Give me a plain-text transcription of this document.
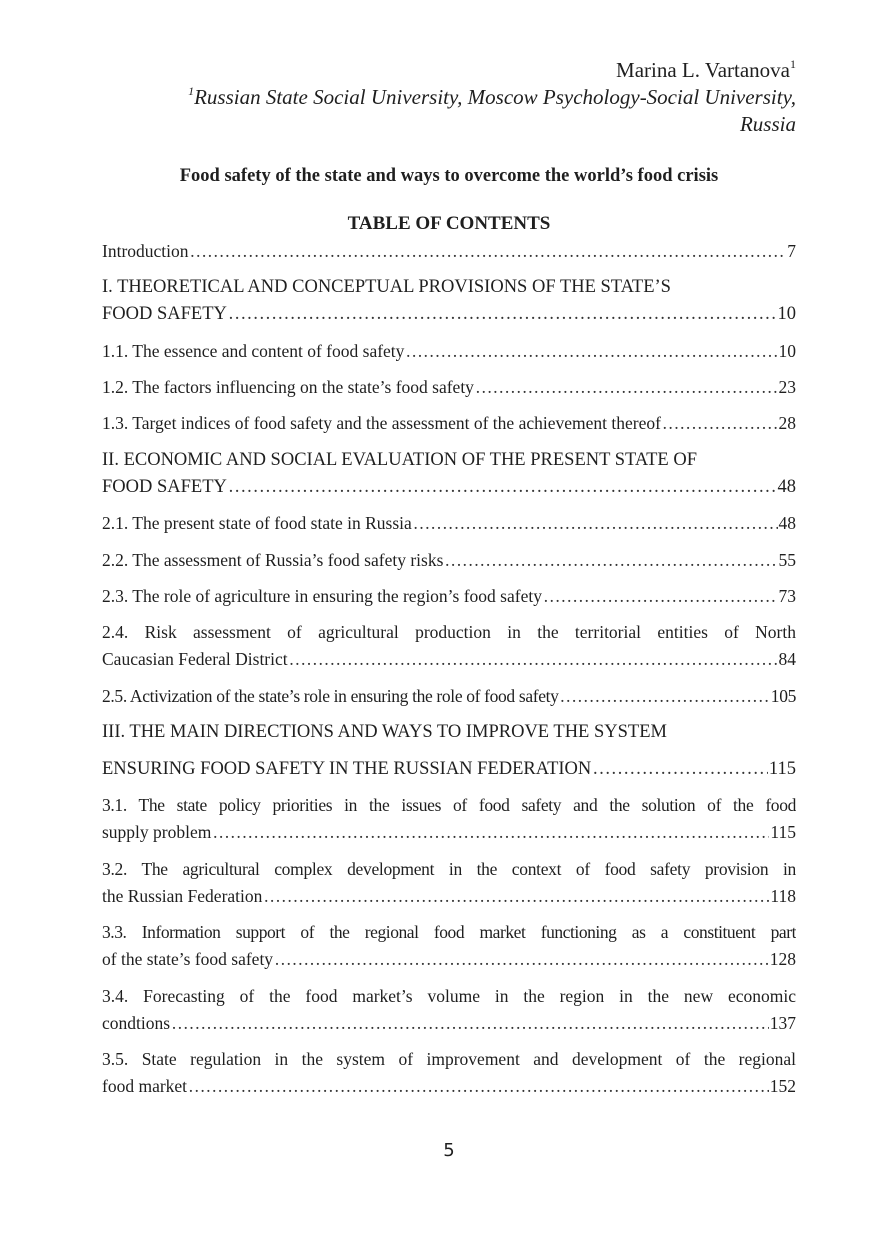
Marina L. Vartanova$^1$
$^1$Russian State Social University, Moscow Psychology-Social University,
Russia
Food safety of the state and ways to overcome the world’s food crisis
TABLE OF CONTENTS
Introduction ……………………………………………………………………………………………………………………………………………………………………………………	7
I. THEORETICAL AND CONCEPTUAL PROVISIONS OF THE STATE’S
FOOD SAFETY ……………………………………………………………………………………………………………………………………………………………………………………	10
1.1. The essence and content of food safety ……………………………………………………………………………………………………………………………………………………………………………………	10
1.2. The factors influencing on the state’s food safety ……………………………………………………………………………………………………………………………………………………………………………………	23
1.3. Target indices of food safety and the assessment of the achievement thereof ……………………………………………………………………………………………………………………………………………………………………………………	28
II. ECONOMIC AND SOCIAL EVALUATION OF THE PRESENT STATE OF
FOOD SAFETY ……………………………………………………………………………………………………………………………………………………………………………………	48
2.1. The present state of food state in Russia ……………………………………………………………………………………………………………………………………………………………………………………	48
2.2. The assessment of Russia’s food safety risks ……………………………………………………………………………………………………………………………………………………………………………………	55
2.3. The role of agriculture in ensuring the region’s food safety ……………………………………………………………………………………………………………………………………………………………………………………	73
2.4. Risk assessment of agricultural production in the territorial entities of North
Caucasian Federal District ……………………………………………………………………………………………………………………………………………………………………………………	84
2.5. Activization of the state’s role in ensuring the role of food safety ……………………………………………………………………………………………………………………………………………………………………………………	105
III. THE MAIN DIRECTIONS AND WAYS TO IMPROVE THE SYSTEM
ENSURING FOOD SAFETY IN THE RUSSIAN FEDERATION ……………………………………………………………………………………………………………………………………………………………………………………	115
3.1. The state policy priorities in the issues of food safety and the solution of the food
supply problem ……………………………………………………………………………………………………………………………………………………………………………………	115
3.2. The agricultural complex development in the context of food safety provision in
the Russian Federation ……………………………………………………………………………………………………………………………………………………………………………………	118
3.3. Information support of the regional food market functioning as a constituent part
of the state’s food safety ……………………………………………………………………………………………………………………………………………………………………………………	128
3.4. Forecasting of the food market’s volume in the region in the new economic
condtions ……………………………………………………………………………………………………………………………………………………………………………………	137
3.5. State regulation in the system of improvement and development of the regional
food market ……………………………………………………………………………………………………………………………………………………………………………………	152
5
